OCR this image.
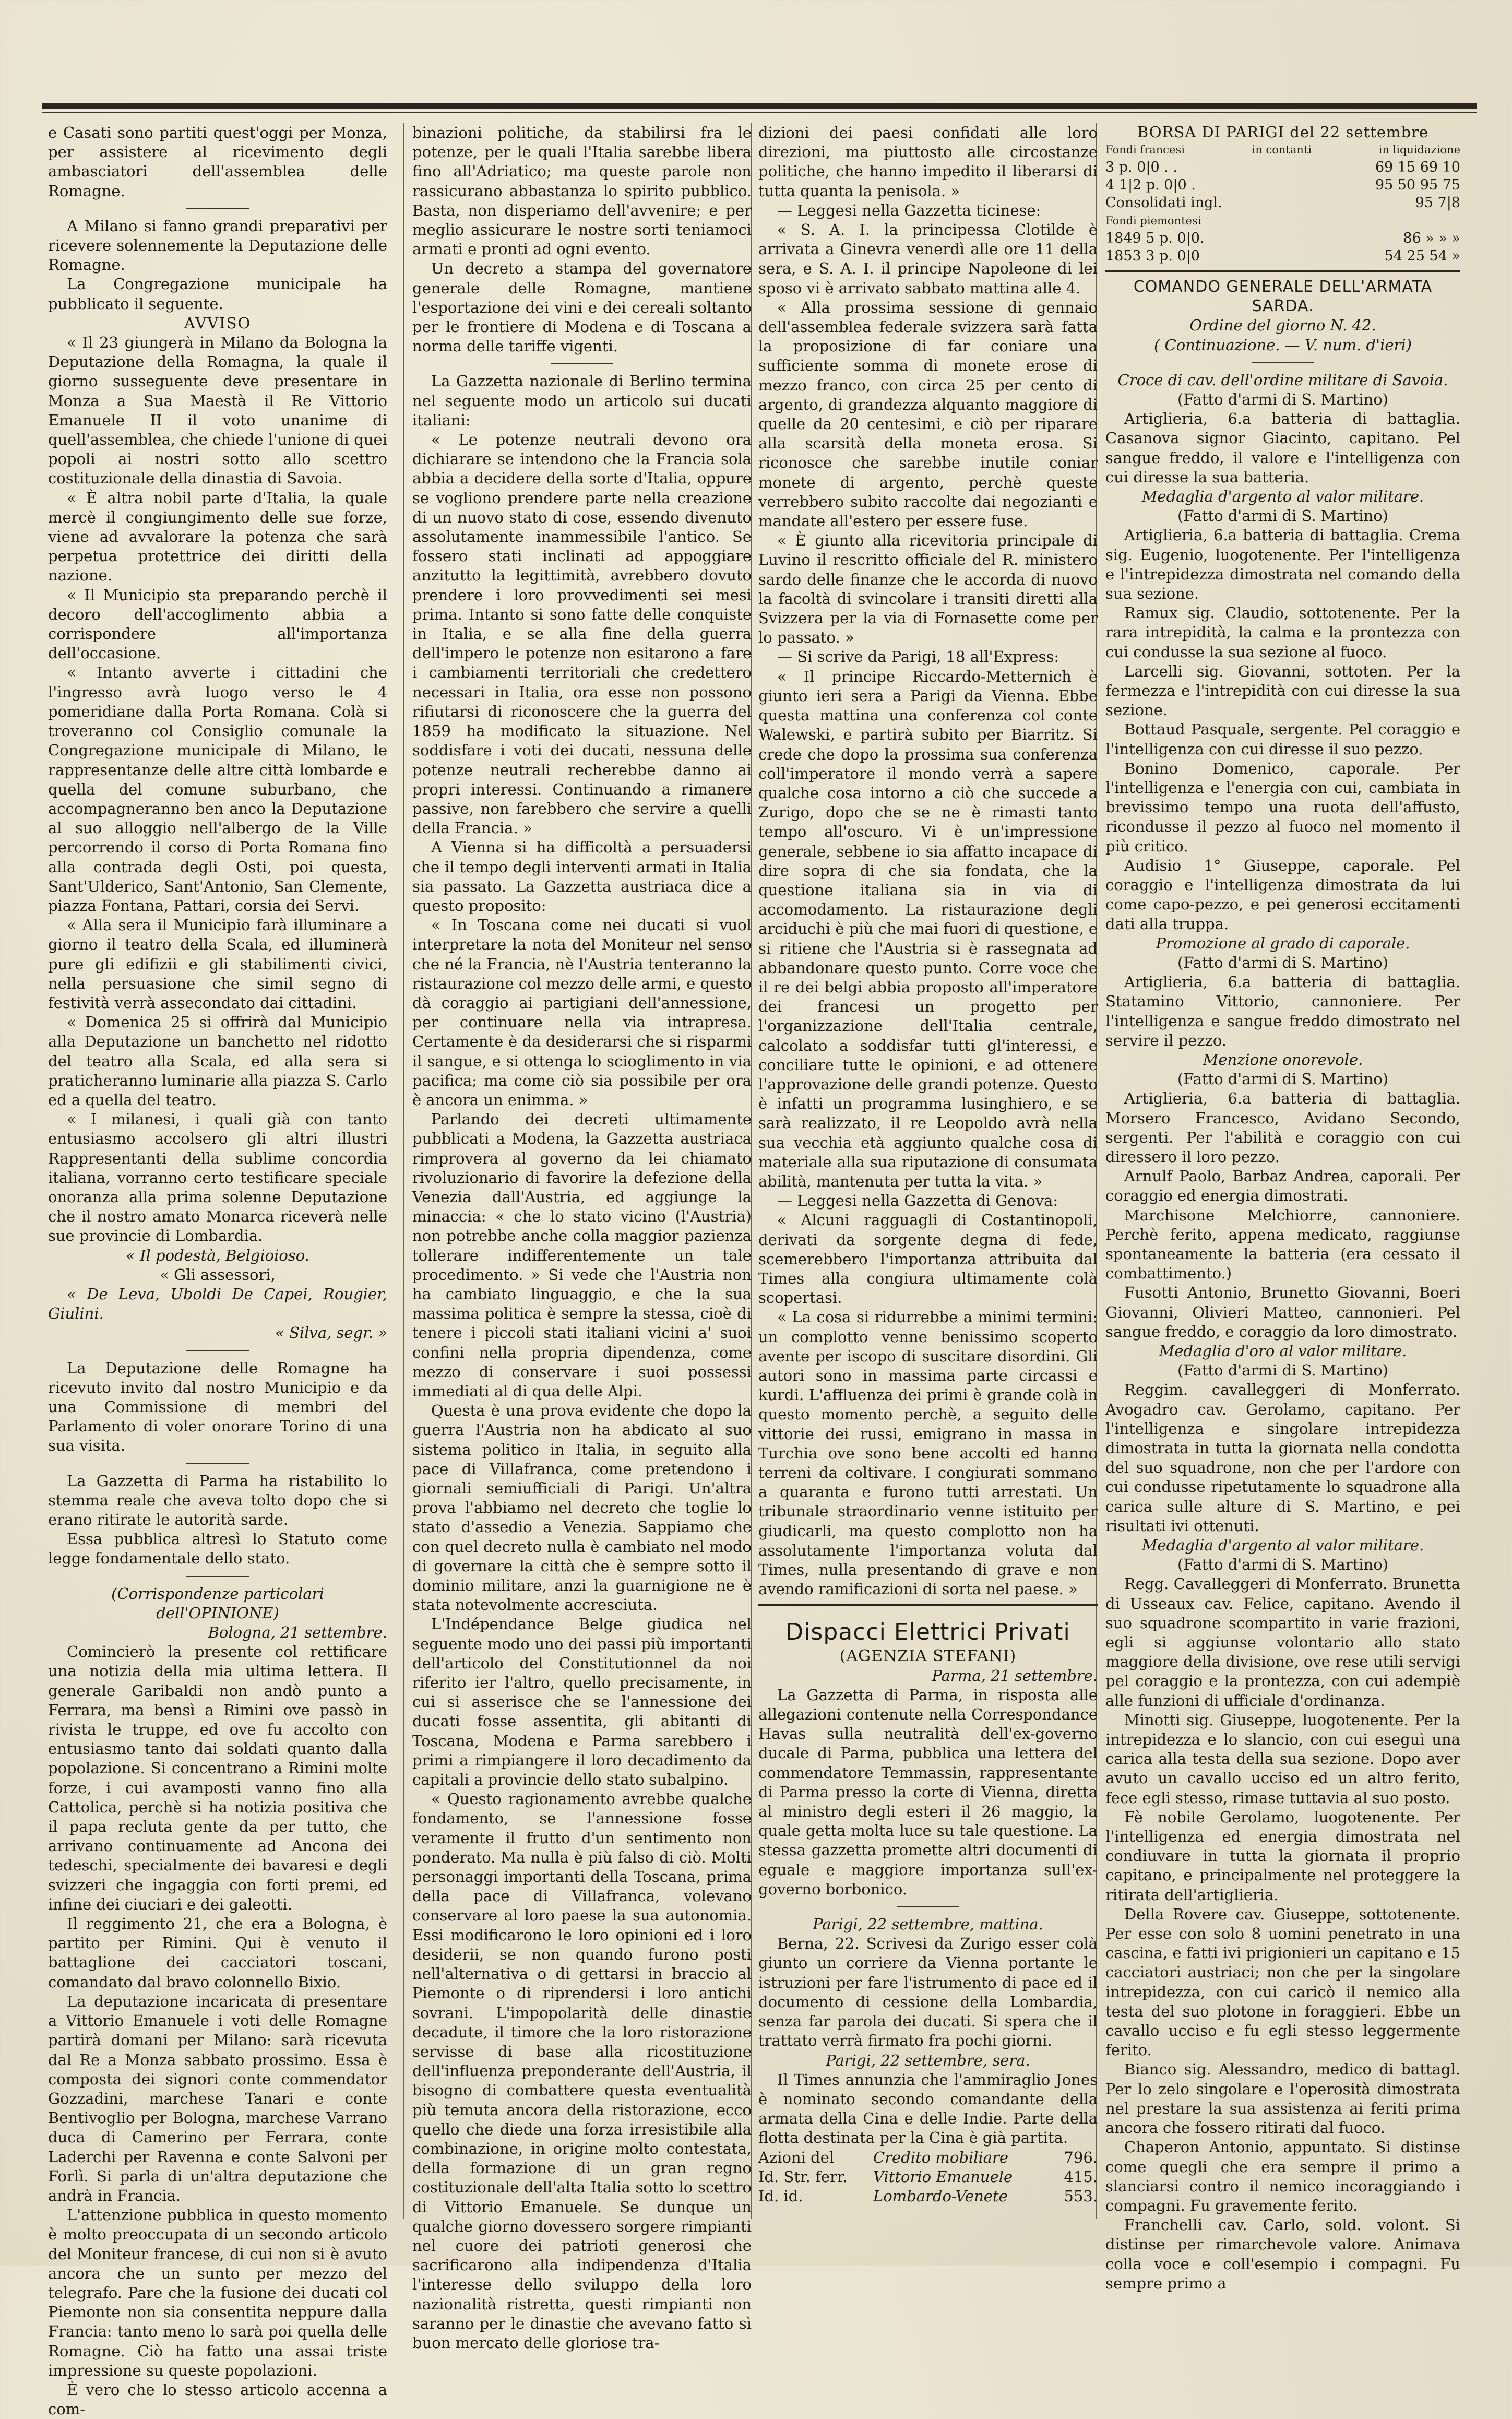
e Casati sono partiti quest'oggi per Monza, per assistere al ricevimento degli ambasciatori dell'assemblea delle Romagne.

A Milano si fanno grandi preparativi per ricevere solennemente la Deputazione delle Romagne.

La Congregazione municipale ha pubblicato il seguente.

AVVISO

« Il 23 giungerà in Milano da Bologna la Deputazione della Romagna, la quale il giorno susseguente deve presentare in Monza a Sua Maestà il Re Vittorio Emanuele II il voto unanime di quell'assemblea, che chiede l'unione di quei popoli ai nostri sotto allo scettro costituzionale della dinastia di Savoia.

« È altra nobil parte d'Italia, la quale mercè il congiungimento delle sue forze, viene ad avvalorare la potenza che sarà perpetua protettrice dei diritti della nazione.

« Il Municipio sta preparando perchè il decoro dell'accoglimento abbia a corrispondere all'importanza dell'occasione.

« Intanto avverte i cittadini che l'ingresso avrà luogo verso le 4 pomeridiane dalla Porta Romana. Colà si troveranno col Consiglio comunale la Congregazione municipale di Milano, le rappresentanze delle altre città lombarde e quella del comune suburbano, che accompagneranno ben anco la Deputazione al suo alloggio nell'albergo de la Ville percorrendo il corso di Porta Romana fino alla contrada degli Osti, poi questa, Sant'Ulderico, Sant'Antonio, San Clemente, piazza Fontana, Pattari, corsia dei Servi.

« Alla sera il Municipio farà illuminare a giorno il teatro della Scala, ed illuminerà pure gli edifizii e gli stabilimenti civici, nella persuasione che simil segno di festività verrà assecondato dai cittadini.

« Domenica 25 si offrirà dal Municipio alla Deputazione un banchetto nel ridotto del teatro alla Scala, ed alla sera si praticheranno luminarie alla piazza S. Carlo ed a quella del teatro.

« I milanesi, i quali già con tanto entusiasmo accolsero gli altri illustri Rappresentanti della sublime concordia italiana, vorranno certo testificare speciale onoranza alla prima solenne Deputazione che il nostro amato Monarca riceverà nelle sue provincie di Lombardia.

« Il podestà, Belgioioso.

« Gli assessori,

« De Leva, Uboldi De Capei, Rougier, Giulini.

« Silva, segr. »

La Deputazione delle Romagne ha ricevuto invito dal nostro Municipio e da una Commissione di membri del Parlamento di voler onorare Torino di una sua visita.

La Gazzetta di Parma ha ristabilito lo stemma reale che aveva tolto dopo che si erano ritirate le autorità sarde.

Essa pubblica altresì lo Statuto come legge fondamentale dello stato.

(Corrispondenze particolari dell'OPINIONE)

Bologna, 21 settembre.

Comincierò la presente col rettificare una notizia della mia ultima lettera. Il generale Garibaldi non andò punto a Ferrara, ma bensì a Rimini ove passò in rivista le truppe, ed ove fu accolto con entusiasmo tanto dai soldati quanto dalla popolazione. Si concentrano a Rimini molte forze, i cui avamposti vanno fino alla Cattolica, perchè si ha notizia positiva che il papa recluta gente da per tutto, che arrivano continuamente ad Ancona dei tedeschi, specialmente dei bavaresi e degli svizzeri che ingaggia con forti premi, ed infine dei ciuciari e dei galeotti.

Il reggimento 21, che era a Bologna, è partito per Rimini. Qui è venuto il battaglione dei cacciatori toscani, comandato dal bravo colonnello Bixio.

La deputazione incaricata di presentare a Vittorio Emanuele i voti delle Romagne partirà domani per Milano: sarà ricevuta dal Re a Monza sabbato prossimo. Essa è composta dei signori conte commendator Gozzadini, marchese Tanari e conte Bentivoglio per Bologna, marchese Varrano duca di Camerino per Ferrara, conte Laderchi per Ravenna e conte Salvoni per Forlì. Si parla di un'altra deputazione che andrà in Francia.

L'attenzione pubblica in questo momento è molto preoccupata di un secondo articolo del Moniteur francese, di cui non si è avuto ancora che un sunto per mezzo del telegrafo. Pare che la fusione dei ducati col Piemonte non sia consentita neppure dalla Francia: tanto meno lo sarà poi quella delle Romagne. Ciò ha fatto una assai triste impressione su queste popolazioni.

È vero che lo stesso articolo accenna a com-

binazioni politiche, da stabilirsi fra le potenze, per le quali l'Italia sarebbe libera fino all'Adriatico; ma queste parole non rassicurano abbastanza lo spirito pubblico. Basta, non disperiamo dell'avvenire; e per meglio assicurare le nostre sorti teniamoci armati e pronti ad ogni evento.

Un decreto a stampa del governatore generale delle Romagne, mantiene l'esportazione dei vini e dei cereali soltanto per le frontiere di Modena e di Toscana a norma delle tariffe vigenti.

La Gazzetta nazionale di Berlino termina nel seguente modo un articolo sui ducati italiani:

« Le potenze neutrali devono ora dichiarare se intendono che la Francia sola abbia a decidere della sorte d'Italia, oppure se vogliono prendere parte nella creazione di un nuovo stato di cose, essendo divenuto assolutamente inammessibile l'antico. Se fossero stati inclinati ad appoggiare anzitutto la legittimità, avrebbero dovuto prendere i loro provvedimenti sei mesi prima. Intanto si sono fatte delle conquiste in Italia, e se alla fine della guerra dell'impero le potenze non esitarono a fare i cambiamenti territoriali che credettero necessari in Italia, ora esse non possono rifiutarsi di riconoscere che la guerra del 1859 ha modificato la situazione. Nel soddisfare i voti dei ducati, nessuna delle potenze neutrali recherebbe danno ai propri interessi. Continuando a rimanere passive, non farebbero che servire a quelli della Francia. »

A Vienna si ha difficoltà a persuadersi che il tempo degli interventi armati in Italia sia passato. La Gazzetta austriaca dice a questo proposito:

« In Toscana come nei ducati si vuol interpretare la nota del Moniteur nel senso che né la Francia, nè l'Austria tenteranno la ristaurazione col mezzo delle armi, e questo dà coraggio ai partigiani dell'annessione, per continuare nella via intrapresa. Certamente è da desiderarsi che si risparmi il sangue, e si ottenga lo scioglimento in via pacifica; ma come ciò sia possibile per ora è ancora un enimma. »

Parlando dei decreti ultimamente pubblicati a Modena, la Gazzetta austriaca rimprovera al governo da lei chiamato rivoluzionario di favorire la defezione della Venezia dall'Austria, ed aggiunge la minaccia: « che lo stato vicino (l'Austria) non potrebbe anche colla maggior pazienza tollerare indifferentemente un tale procedimento. » Si vede che l'Austria non ha cambiato linguaggio, e che la sua massima politica è sempre la stessa, cioè di tenere i piccoli stati italiani vicini a' suoi confini nella propria dipendenza, come mezzo di conservare i suoi possessi immediati al di qua delle Alpi.

Questa è una prova evidente che dopo la guerra l'Austria non ha abdicato al suo sistema politico in Italia, in seguito alla pace di Villafranca, come pretendono i giornali semiufficiali di Parigi. Un'altra prova l'abbiamo nel decreto che toglie lo stato d'assedio a Venezia. Sappiamo che con quel decreto nulla è cambiato nel modo di governare la città che è sempre sotto il dominio militare, anzi la guarnigione ne è stata notevolmente accresciuta.

L'Indépendance Belge giudica nel seguente modo uno dei passi più importanti dell'articolo del Constitutionnel da noi riferito ier l'altro, quello precisamente, in cui si asserisce che se l'annessione dei ducati fosse assentita, gli abitanti di Toscana, Modena e Parma sarebbero i primi a rimpiangere il loro decadimento da capitali a provincie dello stato subalpino.

« Questo ragionamento avrebbe qualche fondamento, se l'annessione fosse veramente il frutto d'un sentimento non ponderato. Ma nulla è più falso di ciò. Molti personaggi importanti della Toscana, prima della pace di Villafranca, volevano conservare al loro paese la sua autonomia. Essi modificarono le loro opinioni ed i loro desiderii, se non quando furono posti nell'alternativa o di gettarsi in braccio al Piemonte o di riprendersi i loro antichi sovrani. L'impopolarità delle dinastie decadute, il timore che la loro ristorazione servisse di base alla ricostituzione dell'influenza preponderante dell'Austria, il bisogno di combattere questa eventualità più temuta ancora della ristorazione, ecco quello che diede una forza irresistibile alla combinazione, in origine molto contestata, della formazione di un gran regno costituzionale dell'alta Italia sotto lo scettro di Vittorio Emanuele. Se dunque un qualche giorno dovessero sorgere rimpianti nel cuore dei patrioti generosi che sacrificarono alla indipendenza d'Italia l'interesse dello sviluppo della loro nazionalità ristretta, questi rimpianti non saranno per le dinastie che avevano fatto sì buon mercato delle gloriose tra-

dizioni dei paesi confidati alle loro direzioni, ma piuttosto alle circostanze politiche, che hanno impedito il liberarsi di tutta quanta la penisola. »

— Leggesi nella Gazzetta ticinese:

« S. A. I. la principessa Clotilde è arrivata a Ginevra venerdì alle ore 11 della sera, e S. A. I. il principe Napoleone di lei sposo vi è arrivato sabbato mattina alle 4.

« Alla prossima sessione di gennaio dell'assemblea federale svizzera sarà fatta la proposizione di far coniare una sufficiente somma di monete erose di mezzo franco, con circa 25 per cento di argento, di grandezza alquanto maggiore di quelle da 20 centesimi, e ciò per riparare alla scarsità della moneta erosa. Si riconosce che sarebbe inutile coniar monete di argento, perchè queste verrebbero subito raccolte dai negozianti e mandate all'estero per essere fuse.

« È giunto alla ricevitoria principale di Luvino il rescritto officiale del R. ministero sardo delle finanze che le accorda di nuovo la facoltà di svincolare i transiti diretti alla Svizzera per la via di Fornasette come per lo passato. »

— Si scrive da Parigi, 18 all'Express:

« Il principe Riccardo-Metternich è giunto ieri sera a Parigi da Vienna. Ebbe questa mattina una conferenza col conte Walewski, e partirà subito per Biarritz. Si crede che dopo la prossima sua conferenza coll'imperatore il mondo verrà a sapere qualche cosa intorno a ciò che succede a Zurigo, dopo che se ne è rimasti tanto tempo all'oscuro. Vi è un'impressione generale, sebbene io sia affatto incapace di dire sopra di che sia fondata, che la questione italiana sia in via di accomodamento. La ristaurazione degli arciduchi è più che mai fuori di questione, e si ritiene che l'Austria si è rassegnata ad abbandonare questo punto. Corre voce che il re dei belgi abbia proposto all'imperatore dei francesi un progetto per l'organizzazione dell'Italia centrale, calcolato a soddisfar tutti gl'interessi, e conciliare tutte le opinioni, e ad ottenere l'approvazione delle grandi potenze. Questo è infatti un programma lusinghiero, e se sarà realizzato, il re Leopoldo avrà nella sua vecchia età aggiunto qualche cosa di materiale alla sua riputazione di consumata abilità, mantenuta per tutta la vita. »

— Leggesi nella Gazzetta di Genova:

« Alcuni ragguagli di Costantinopoli, derivati da sorgente degna di fede, scemerebbero l'importanza attribuita dal Times alla congiura ultimamente colà scopertasi.

« La cosa si ridurrebbe a minimi termini: un complotto venne benissimo scoperto avente per iscopo di suscitare disordini. Gli autori sono in massima parte circassi e kurdi. L'affluenza dei primi è grande colà in questo momento perchè, a seguito delle vittorie dei russi, emigrano in massa in Turchia ove sono bene accolti ed hanno terreni da coltivare. I congiurati sommano a quaranta e furono tutti arrestati. Un tribunale straordinario venne istituito per giudicarli, ma questo complotto non ha assolutamente l'importanza voluta dal Times, nulla presentando di grave e non avendo ramificazioni di sorta nel paese. »

Dispacci Elettrici Privati
(AGENZIA STEFANI)

Parma, 21 settembre.

La Gazzetta di Parma, in risposta alle allegazioni contenute nella Correspondance Havas sulla neutralità dell'ex-governo ducale di Parma, pubblica una lettera del commendatore Temmassin, rappresentante di Parma presso la corte di Vienna, diretta al ministro degli esteri il 26 maggio, la quale getta molta luce su tale questione. La stessa gazzetta promette altri documenti di eguale e maggiore importanza sull'ex-governo borbonico.

Parigi, 22 settembre, mattina.

Berna, 22. Scrivesi da Zurigo esser colà giunto un corriere da Vienna portante le istruzioni per fare l'istrumento di pace ed il documento di cessione della Lombardia, senza far parola dei ducati. Si spera che il trattato verrà firmato fra pochi giorni.

Parigi, 22 settembre, sera.

Il Times annunzia che l'ammiraglio Jones è nominato secondo comandante della armata della Cina e delle Indie. Parte della flotta destinata per la Cina è già partita.

Azioni del	Credito mobiliare	796.
Id. Str. ferr.	Vittorio Emanuele	415.
Id. id.	Lombardo-Venete	553.
BORSA DI PARIGI del 22 settembre
Fondi francesi	in contanti	in liquidazione
3 p. 0|0 . .	69 15 69 10
4 1|2 p. 0|0 .	95 50 95 75
Consolidati ingl.	95 7|8
Fondi piemontesi
1849 5 p. 0|0.	86 » » »
1853 3 p. 0|0	54 25 54 »
COMANDO GENERALE DELL'ARMATA SARDA.

Ordine del giorno N. 42.

( Continuazione. — V. num. d'ieri)

Croce di cav. dell'ordine militare di Savoia.

(Fatto d'armi di S. Martino)

Artiglieria, 6.a batteria di battaglia. Casanova signor Giacinto, capitano. Pel sangue freddo, il valore e l'intelligenza con cui diresse la sua batteria.

Medaglia d'argento al valor militare.

(Fatto d'armi di S. Martino)

Artiglieria, 6.a batteria di battaglia. Crema sig. Eugenio, luogotenente. Per l'intelligenza e l'intrepidezza dimostrata nel comando della sua sezione.

Ramux sig. Claudio, sottotenente. Per la rara intrepidità, la calma e la prontezza con cui condusse la sua sezione al fuoco.

Larcelli sig. Giovanni, sottoten. Per la fermezza e l'intrepidità con cui diresse la sua sezione.

Bottaud Pasquale, sergente. Pel coraggio e l'intelligenza con cui diresse il suo pezzo.

Bonino Domenico, caporale. Per l'intelligenza e l'energia con cui, cambiata in brevissimo tempo una ruota dell'affusto, ricondusse il pezzo al fuoco nel momento il più critico.

Audisio 1° Giuseppe, caporale. Pel coraggio e l'intelligenza dimostrata da lui come capo-pezzo, e pei generosi eccitamenti dati alla truppa.

Promozione al grado di caporale.

(Fatto d'armi di S. Martino)

Artiglieria, 6.a batteria di battaglia. Statamino Vittorio, cannoniere. Per l'intelligenza e sangue freddo dimostrato nel servire il pezzo.

Menzione onorevole.

(Fatto d'armi di S. Martino)

Artiglieria, 6.a batteria di battaglia. Morsero Francesco, Avidano Secondo, sergenti. Per l'abilità e coraggio con cui diressero il loro pezzo.

Arnulf Paolo, Barbaz Andrea, caporali. Per coraggio ed energia dimostrati.

Marchisone Melchiorre, cannoniere. Perchè ferito, appena medicato, raggiunse spontaneamente la batteria (era cessato il combattimento.)

Fusotti Antonio, Brunetto Giovanni, Boeri Giovanni, Olivieri Matteo, cannonieri. Pel sangue freddo, e coraggio da loro dimostrato.

Medaglia d'oro al valor militare.

(Fatto d'armi di S. Martino)

Reggim. cavalleggeri di Monferrato. Avogadro cav. Gerolamo, capitano. Per l'intelligenza e singolare intrepidezza dimostrata in tutta la giornata nella condotta del suo squadrone, non che per l'ardore con cui condusse ripetutamente lo squadrone alla carica sulle alture di S. Martino, e pei risultati ivi ottenuti.

Medaglia d'argento al valor militare.

(Fatto d'armi di S. Martino)

Regg. Cavalleggeri di Monferrato. Brunetta di Usseaux cav. Felice, capitano. Avendo il suo squadrone scompartito in varie frazioni, egli si aggiunse volontario allo stato maggiore della divisione, ove rese utili servigi pel coraggio e la prontezza, con cui adempiè alle funzioni di ufficiale d'ordinanza.

Minotti sig. Giuseppe, luogotenente. Per la intrepidezza e lo slancio, con cui eseguì una carica alla testa della sua sezione. Dopo aver avuto un cavallo ucciso ed un altro ferito, fece egli stesso, rimase tuttavia al suo posto.

Fè nobile Gerolamo, luogotenente. Per l'intelligenza ed energia dimostrata nel condiuvare in tutta la giornata il proprio capitano, e principalmente nel proteggere la ritirata dell'artiglieria.

Della Rovere cav. Giuseppe, sottotenente. Per esse con solo 8 uomini penetrato in una cascina, e fatti ivi prigionieri un capitano e 15 cacciatori austriaci; non che per la singolare intrepidezza, con cui caricò il nemico alla testa del suo plotone in foraggieri. Ebbe un cavallo ucciso e fu egli stesso leggermente ferito.

Bianco sig. Alessandro, medico di battagl. Per lo zelo singolare e l'operosità dimostrata nel prestare la sua assistenza ai feriti prima ancora che fossero ritirati dal fuoco.

Chaperon Antonio, appuntato. Si distinse come quegli che era sempre il primo a slanciarsi contro il nemico incoraggiando i compagni. Fu gravemente ferito.

Franchelli cav. Carlo, sold. volont. Si distinse per rimarchevole valore. Animava colla voce e coll'esempio i compagni. Fu sempre primo a
